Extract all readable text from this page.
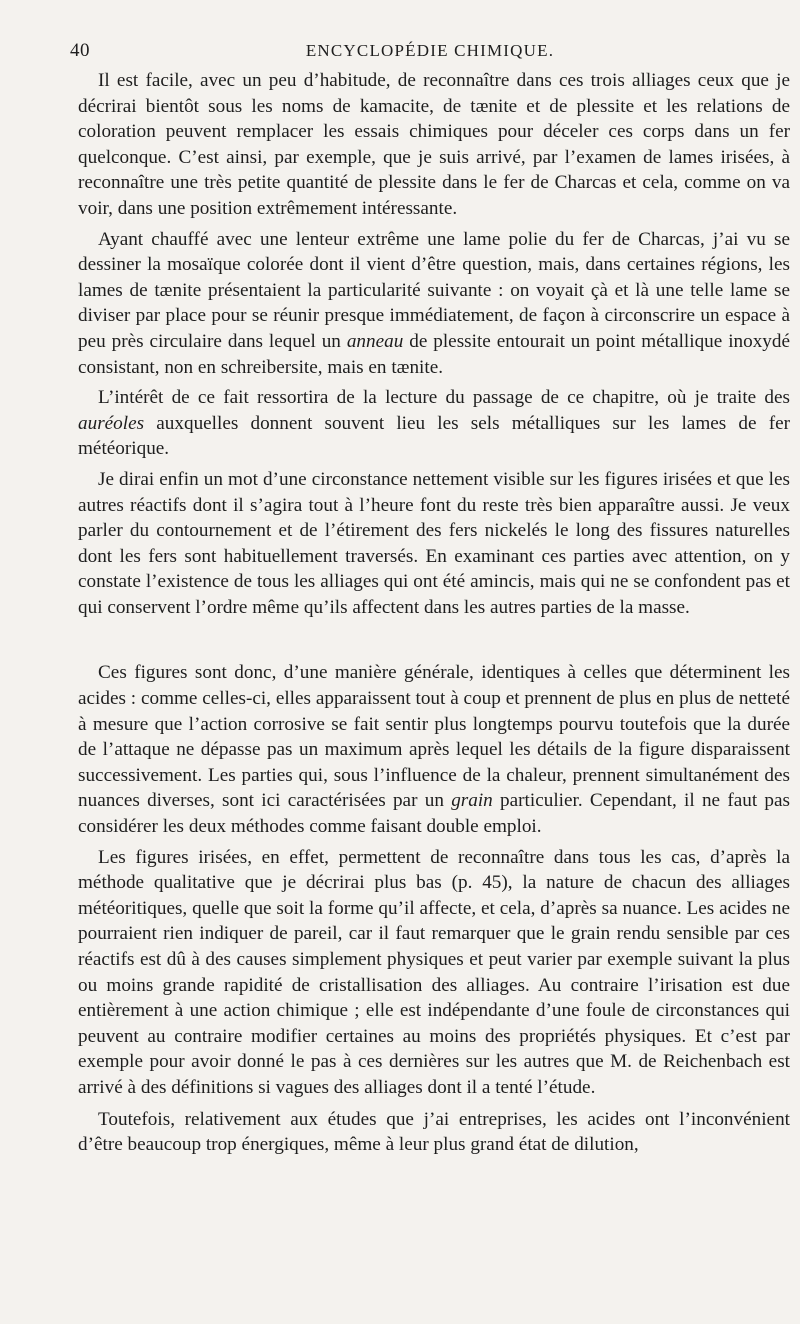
40	ENCYCLOPÉDIE CHIMIQUE.

Il est facile, avec un peu d’habitude, de reconnaître dans ces trois alliages ceux que je décrirai bientôt sous les noms de kamacite, de tænite et de plessite et les relations de coloration peuvent remplacer les essais chimiques pour déceler ces corps dans un fer quelconque. C’est ainsi, par exemple, que je suis arrivé, par l’examen de lames irisées, à reconnaître une très petite quantité de plessite dans le fer de Charcas et cela, comme on va voir, dans une position extrêmement intéressante.

Ayant chauffé avec une lenteur extrême une lame polie du fer de Charcas, j’ai vu se dessiner la mosaïque colorée dont il vient d’être question, mais, dans certaines régions, les lames de tænite présentaient la particularité suivante : on voyait çà et là une telle lame se diviser par place pour se réunir presque immédiatement, de façon à circonscrire un espace à peu près circulaire dans lequel un anneau de plessite entourait un point métallique inoxydé consistant, non en schreibersite, mais en tænite.

L’intérêt de ce fait ressortira de la lecture du passage de ce chapitre, où je traite des auréoles auxquelles donnent souvent lieu les sels métalliques sur les lames de fer météorique.

Je dirai enfin un mot d’une circonstance nettement visible sur les figures irisées et que les autres réactifs dont il s’agira tout à l’heure font du reste très bien apparaître aussi. Je veux parler du contournement et de l’étirement des fers nickelés le long des fissures naturelles dont les fers sont habituellement traversés. En examinant ces parties avec attention, on y constate l’existence de tous les alliages qui ont été amincis, mais qui ne se confondent pas et qui conservent l’ordre même qu’ils affectent dans les autres parties de la masse.

Ces figures sont donc, d’une manière générale, identiques à celles que déterminent les acides : comme celles-ci, elles apparaissent tout à coup et prennent de plus en plus de netteté à mesure que l’action corrosive se fait sentir plus longtemps pourvu toutefois que la durée de l’attaque ne dépasse pas un maximum après lequel les détails de la figure disparaissent successivement. Les parties qui, sous l’influence de la chaleur, prennent simultanément des nuances diverses, sont ici caractérisées par un grain particulier. Cependant, il ne faut pas considérer les deux méthodes comme faisant double emploi.

Les figures irisées, en effet, permettent de reconnaître dans tous les cas, d’après la méthode qualitative que je décrirai plus bas (p. 45), la nature de chacun des alliages météoritiques, quelle que soit la forme qu’il affecte, et cela, d’après sa nuance. Les acides ne pourraient rien indiquer de pareil, car il faut remarquer que le grain rendu sensible par ces réactifs est dû à des causes simplement physiques et peut varier par exemple suivant la plus ou moins grande rapidité de cristallisation des alliages. Au contraire l’irisation est due entièrement à une action chimique ; elle est indépendante d’une foule de circonstances qui peuvent au contraire modifier certaines au moins des propriétés physiques. Et c’est par exemple pour avoir donné le pas à ces dernières sur les autres que M. de Reichenbach est arrivé à des définitions si vagues des alliages dont il a tenté l’étude.

Toutefois, relativement aux études que j’ai entreprises, les acides ont l’inconvénient d’être beaucoup trop énergiques, même à leur plus grand état de dilution,
